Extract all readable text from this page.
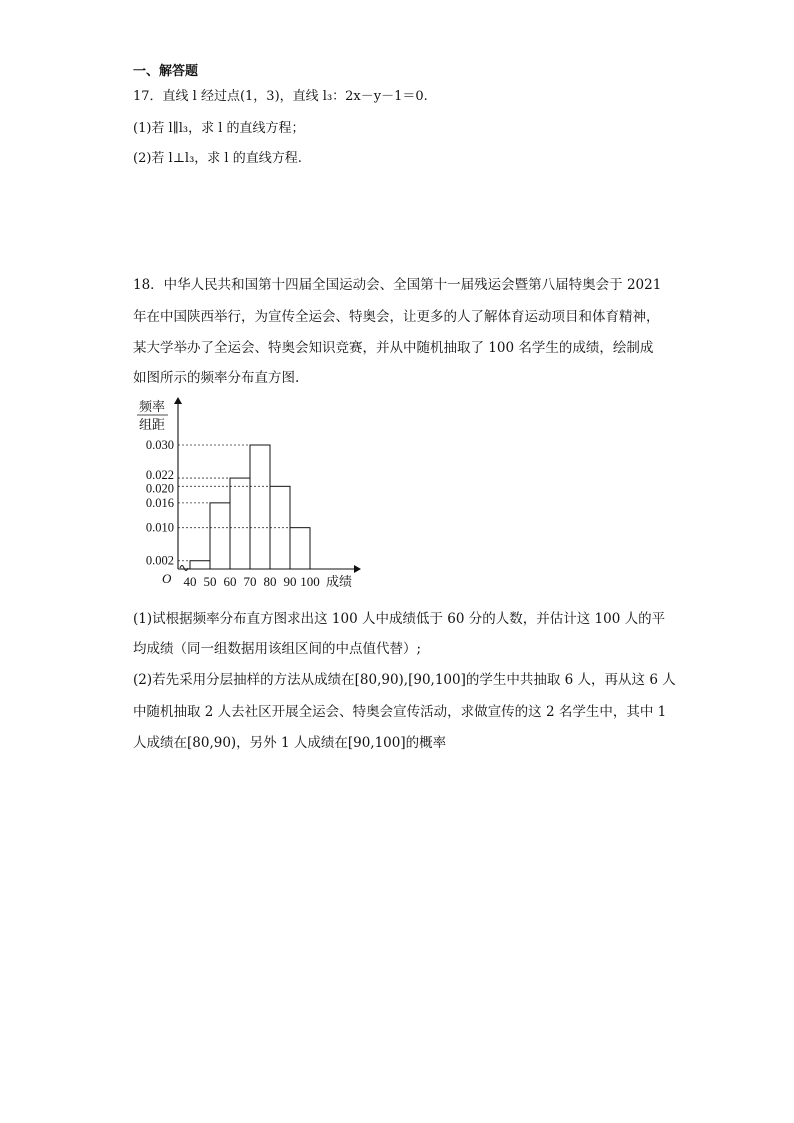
一、解答题
17．直线 l 经过点(1，3)，直线 l₃：2x－y－1＝0.
(1)若 l∥l₃，求 l 的直线方程；
(2)若 l⊥l₃，求 l 的直线方程.
18．中华人民共和国第十四届全国运动会、全国第十一届残运会暨第八届特奥会于 2021
年在中国陕西举行，为宣传全运会、特奥会，让更多的人了解体育运动项目和体育精神，
某大学举办了全运会、特奥会知识竞赛，并从中随机抽取了 100 名学生的成绩，绘制成
如图所示的频率分布直方图.
0.002
0.010
0.016
0.020
0.022
0.030
40 50 60 70 80 90 100 成绩
O
频率
组距
(1)试根据频率分布直方图求出这 100 人中成绩低于 60 分的人数，并估计这 100 人的平
均成绩（同一组数据用该组区间的中点值代替）;
(2)若先采用分层抽样的方法从成绩在[80,90),[90,100]的学生中共抽取 6 人，再从这 6 人
中随机抽取 2 人去社区开展全运会、特奥会宣传活动，求做宣传的这 2 名学生中，其中 1
人成绩在[80,90)，另外 1 人成绩在[90,100]的概率
